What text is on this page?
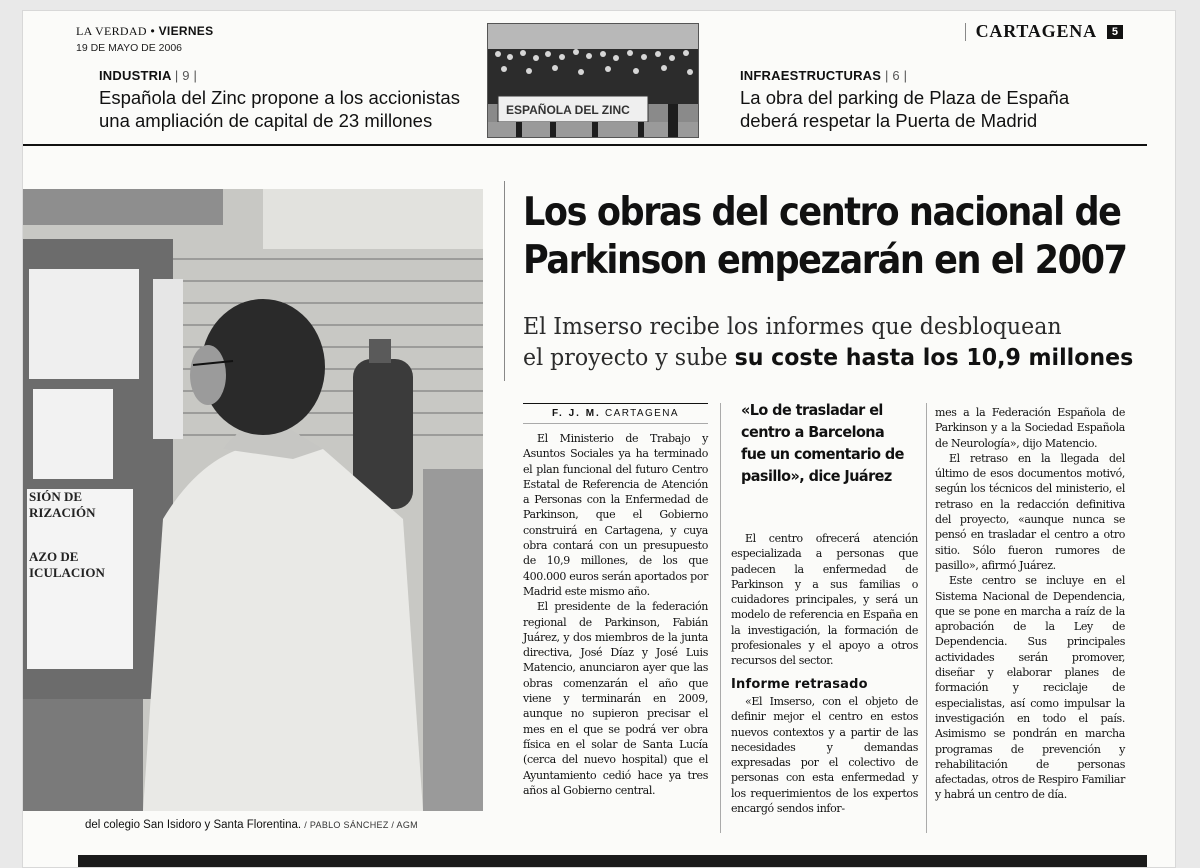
LA VERDAD • VIERNES
19 DE MAYO DE 2006
CARTAGENA	5
INDUSTRIA | 9 |
Española del Zinc propone a los accionistas
una ampliación de capital de 23 millones	ESPAÑOLA DEL ZINC
INFRAESTRUCTURAS | 6 |
La obra del parking de Plaza de España
deberá respetar la Puerta de Madrid
SIÓN DE
RIZACIÓN
AZO DE
ICULACION
del colegio San Isidoro y Santa Florentina. / PABLO SÁNCHEZ / AGM
Los obras del centro nacional de
Parkinson empezarán en el 2007
El Imserso recibe los informes que desbloquean
el proyecto y sube su coste hasta los 10,9 millones
F. J. M. CARTAGENA

El Ministerio de Trabajo y Asuntos Sociales ya ha terminado el plan funcional del futuro Centro Estatal de Referencia de Atención a Personas con la Enfermedad de Parkinson, que el Gobierno construirá en Cartagena, y cuya obra contará con un presupuesto de 10,9 millones, de los que 400.000 euros serán aportados por Madrid este mismo año.

El presidente de la federación regional de Parkinson, Fabián Juárez, y dos miembros de la junta directiva, José Díaz y José Luis Matencio, anunciaron ayer que las obras comenzarán el año que viene y terminarán en 2009, aunque no supieron precisar el mes en el que se podrá ver obra física en el solar de Santa Lucía (cerca del nuevo hospital) que el Ayuntamiento cedió hace ya tres años al Gobierno central.

«Lo de trasladar el centro a Barcelona fue un comentario de pasillo», dice Juárez

El centro ofrecerá atención especializada a personas que padecen la enfermedad de Parkinson y a sus familias o cuidadores principales, y será un modelo de referencia en España en la investigación, la formación de profesionales y el apoyo a otros recursos del sector.

Informe retrasado

«El Imserso, con el objeto de definir mejor el centro en estos nuevos contextos y a partir de las necesidades y demandas expresadas por el colectivo de personas con esta enfermedad y los requerimientos de los expertos encargó sendos infor-

mes a la Federación Española de Parkinson y a la Sociedad Española de Neurología», dijo Matencio.

El retraso en la llegada del último de esos documentos motivó, según los técnicos del ministerio, el retraso en la redacción definitiva del proyecto, «aunque nunca se pensó en trasladar el centro a otro sitio. Sólo fueron rumores de pasillo», afirmó Juárez.

Este centro se incluye en el Sistema Nacional de Dependencia, que se pone en marcha a raíz de la aprobación de la Ley de Dependencia. Sus principales actividades serán promover, diseñar y elaborar planes de formación y reciclaje de especialistas, así como impulsar la investigación en todo el país. Asimismo se pondrán en marcha programas de prevención y rehabilitación de personas afectadas, otros de Respiro Familiar y habrá un centro de día.
